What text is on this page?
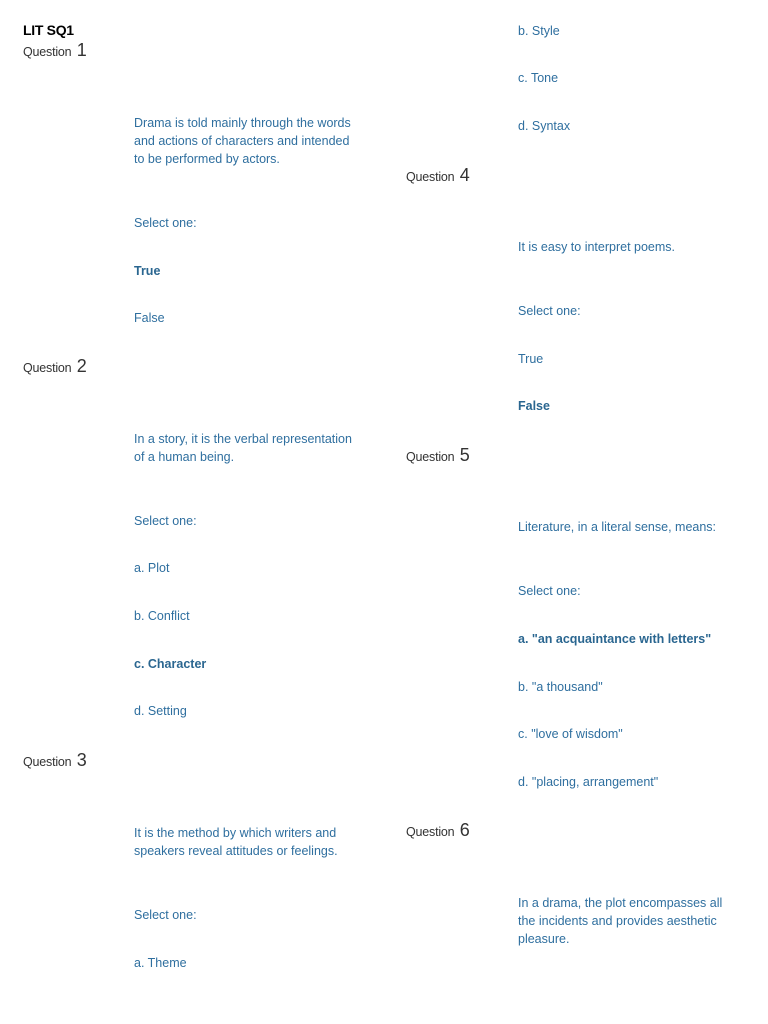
LIT SQ1
Question 1
Drama is told mainly through the words and actions of characters and intended to be performed by actors.
Select one:
True
False
Question 2
In a story, it is the verbal representation of a human being.
Select one:
a. Plot
b. Conflict
c. Character
d. Setting
Question 3
It is the method by which writers and speakers reveal attitudes or feelings.
Select one:
a. Theme
b. Style
c. Tone
d. Syntax
Question 4
It is easy to interpret poems.
Select one:
True
False
Question 5
Literature, in a literal sense, means:
Select one:
a. "an acquaintance with letters"
b. "a thousand"
c. "love of wisdom"
d. "placing, arrangement"
Question 6
In a drama, the plot encompasses all the incidents and provides aesthetic pleasure.
